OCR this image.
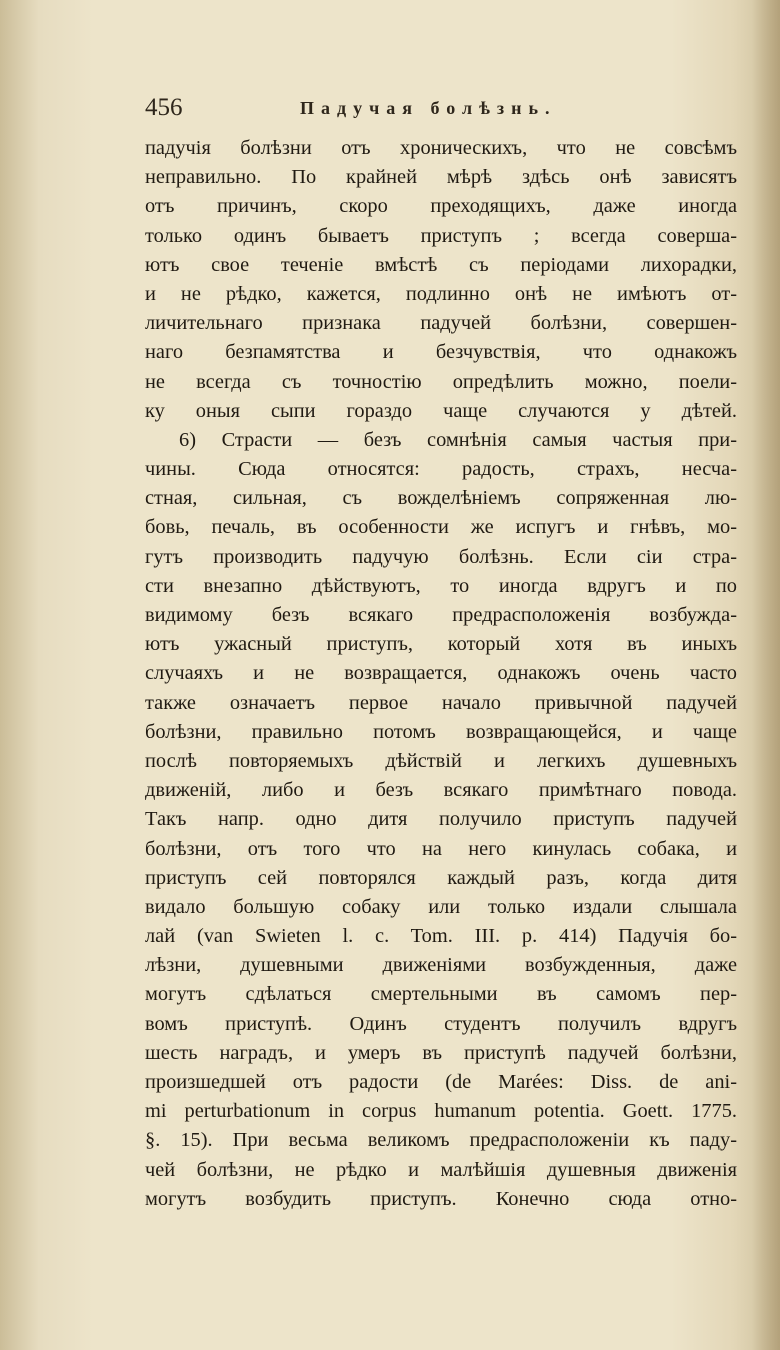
456	Падучая болѣзнь.
падучія болѣзни отъ хроническихъ, что не совсѣмъ
неправильно. По крайней мѣрѣ здѣсь онѣ зависятъ
отъ причинъ, скоро преходящихъ, даже иногда
только одинъ бываетъ приступъ ; всегда соверша-
ютъ свое теченіе вмѣстѣ съ періодами лихорадки,
и не рѣдко, кажется, подлинно онѣ не имѣютъ от-
личительнаго признака падучей болѣзни, совершен-
наго безпамятства и безчувствія, что однакожъ
не всегда съ точностію опредѣлить можно, поели-
ку оныя сыпи гораздо чаще случаются у дѣтей.
6) Страсти — безъ сомнѣнія самыя частыя при-
чины. Сюда относятся: радость, страхъ, несча-
стная, сильная, съ вожделѣніемъ сопряженная лю-
бовь, печаль, въ особенности же испугъ и гнѣвъ, мо-
гутъ производить падучую болѣзнь. Если сіи стра-
сти внезапно дѣйствуютъ, то иногда вдругъ и по
видимому безъ всякаго предрасположенія возбужда-
ютъ ужасный приступъ, который хотя въ иныхъ
случаяхъ и не возвращается, однакожъ очень часто
также означаетъ первое начало привычной падучей
болѣзни, правильно потомъ возвращающейся, и чаще
послѣ повторяемыхъ дѣйствій и легкихъ душевныхъ
движеній, либо и безъ всякаго примѣтнаго повода.
Такъ напр. одно дитя получило приступъ падучей
болѣзни, отъ того что на него кинулась собака, и
приступъ сей повторялся каждый разъ, когда дитя
видало большую собаку или только издали слышала
лай (van Swieten l. c. Tom. III. p. 414) Падучія бо-
лѣзни, душевными движеніями возбужденныя, даже
могутъ сдѣлаться смертельными въ самомъ пер-
вомъ приступѣ. Одинъ студентъ получилъ вдругъ
шесть наградъ, и умеръ въ приступѣ падучей болѣзни,
произшедшей отъ радости (de Marées: Diss. de ani-
mi perturbationum in corpus humanum potentia. Goett. 1775.
§. 15). При весьма великомъ предрасположеніи къ паду-
чей болѣзни, не рѣдко и малѣйшія душевныя движенія
могутъ возбудить приступъ. Конечно сюда отно-
